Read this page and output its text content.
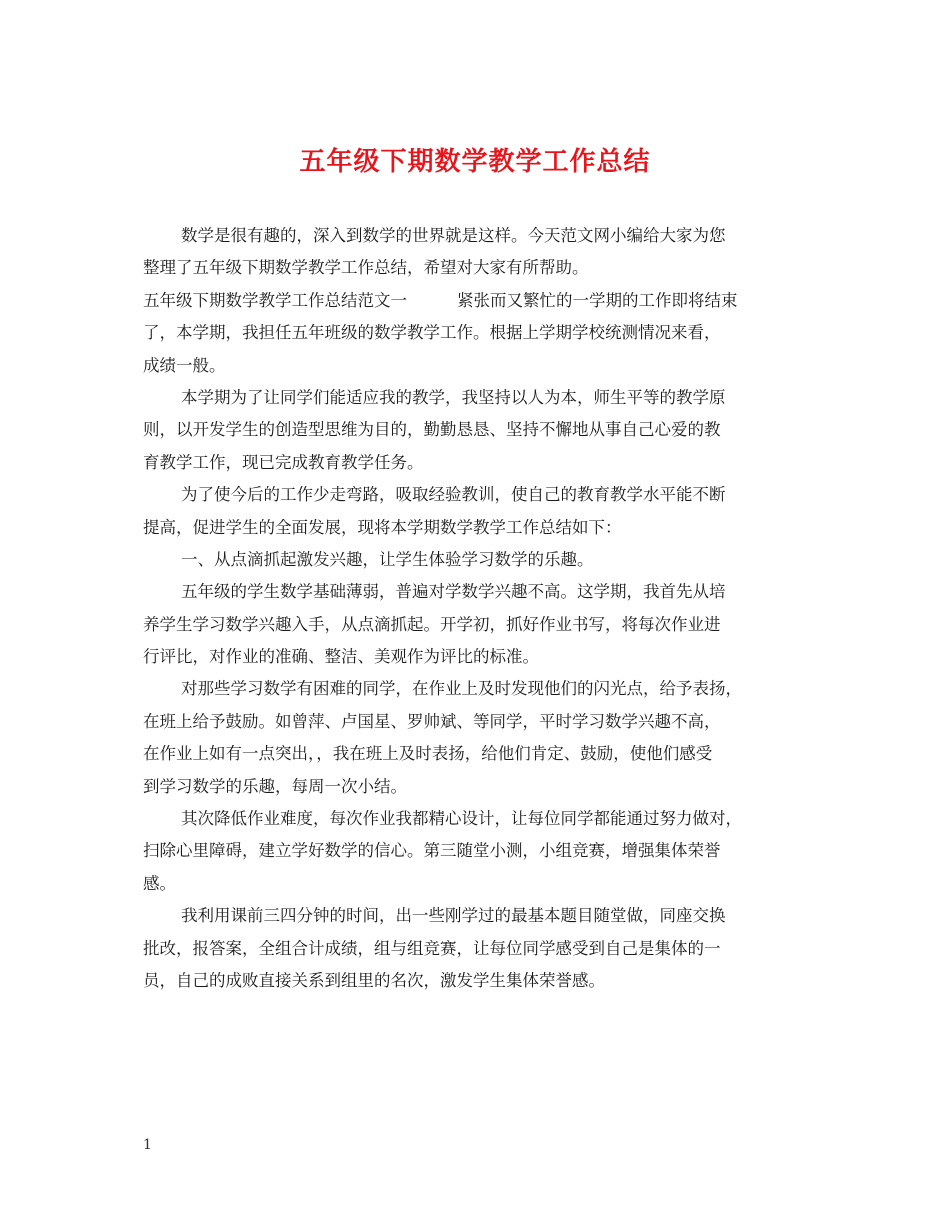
五年级下期数学教学工作总结
数学是很有趣的，深入到数学的世界就是这样。今天范文网小编给大家为您
整理了五年级下期数学教学工作总结，希望对大家有所帮助。
五年级下期数学教学工作总结范文一	紧张而又繁忙的一学期的工作即将结束
了，本学期，我担任五年班级的数学教学工作。根据上学期学校统测情况来看，
成绩一般。
本学期为了让同学们能适应我的教学，我坚持以人为本，师生平等的教学原
则，以开发学生的创造型思维为目的，勤勤恳恳、坚持不懈地从事自己心爱的教
育教学工作，现已完成教育教学任务。
为了使今后的工作少走弯路，吸取经验教训，使自己的教育教学水平能不断
提高，促进学生的全面发展，现将本学期数学教学工作总结如下：
一、从点滴抓起激发兴趣，让学生体验学习数学的乐趣。
五年级的学生数学基础薄弱，普遍对学数学兴趣不高。这学期，我首先从培
养学生学习数学兴趣入手，从点滴抓起。开学初，抓好作业书写，将每次作业进
行评比，对作业的准确、整洁、美观作为评比的标准。
对那些学习数学有困难的同学，在作业上及时发现他们的闪光点，给予表扬，
在班上给予鼓励。如曾萍、卢国星、罗帅斌、等同学，平时学习数学兴趣不高，
在作业上如有一点突出，，我在班上及时表扬，给他们肯定、鼓励，使他们感受
到学习数学的乐趣，每周一次小结。
其次降低作业难度，每次作业我都精心设计，让每位同学都能通过努力做对，
扫除心里障碍，建立学好数学的信心。第三随堂小测，小组竞赛，增强集体荣誉
感。
我利用课前三四分钟的时间，出一些刚学过的最基本题目随堂做，同座交换
批改，报答案，全组合计成绩，组与组竞赛，让每位同学感受到自己是集体的一
员，自己的成败直接关系到组里的名次，激发学生集体荣誉感。
1
